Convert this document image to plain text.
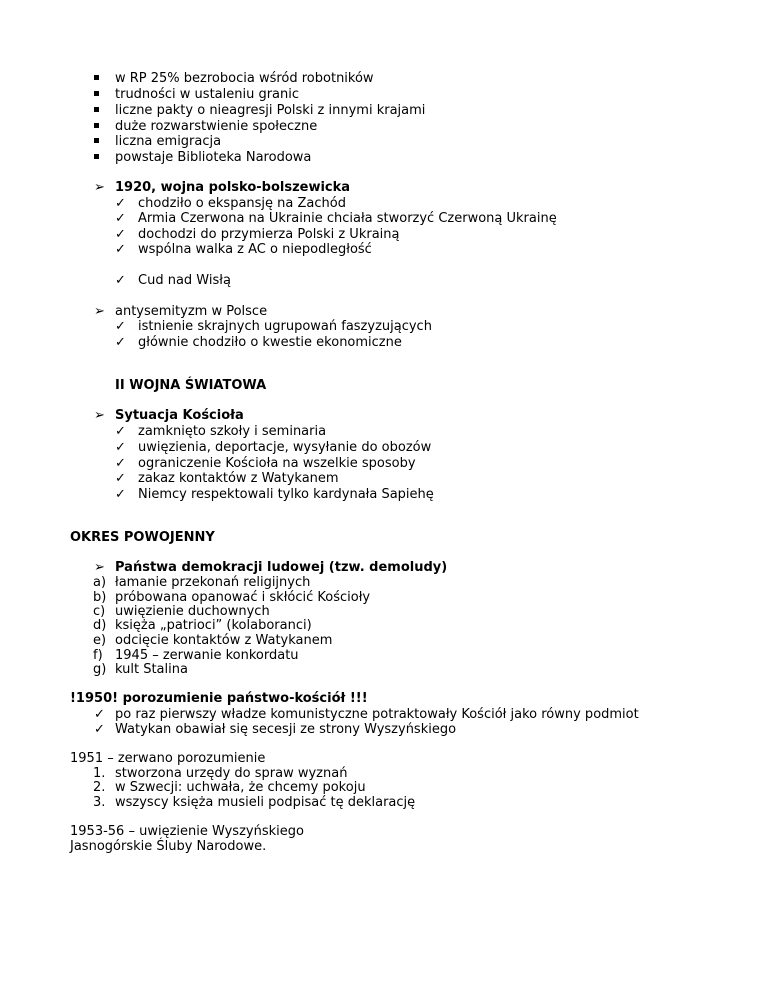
w RP 25% bezrobocia wśród robotników
trudności w ustaleniu granic
liczne pakty o nieagresji Polski z innymi krajami
duże rozwarstwienie społeczne
liczna emigracja
powstaje Biblioteka Narodowa
➢ 1920, wojna polsko-bolszewicka
✓ chodziło o ekspansję na Zachód
✓ Armia Czerwona na Ukrainie chciała stworzyć Czerwoną Ukrainę
✓ dochodzi do przymierza Polski z Ukrainą
✓ wspólna walka z AC o niepodległość
✓ Cud nad Wisłą
➢ antysemityzm w Polsce
✓ istnienie skrajnych ugrupowań faszyzujących
✓ głównie chodziło o kwestie ekonomiczne
II WOJNA ŚWIATOWA
➢ Sytuacja Kościoła
✓ zamknięto szkoły i seminaria
✓ uwięzienia, deportacje, wysyłanie do obozów
✓ ograniczenie Kościoła na wszelkie sposoby
✓ zakaz kontaktów z Watykanem
✓ Niemcy respektowali tylko kardynała Sapiehę
OKRES POWOJENNY
➢ Państwa demokracji ludowej (tzw. demoludy)
a) łamanie przekonań religijnych
b) próbowana opanować i skłócić Kościoły
c) uwięzienie duchownych
d) księża „patrioci” (kolaboranci)
e) odcięcie kontaktów z Watykanem
f) 1945 – zerwanie konkordatu
g) kult Stalina
!1950! porozumienie państwo-kościół !!!
✓ po raz pierwszy władze komunistyczne potraktowały Kościół jako równy podmiot
✓ Watykan obawiał się secesji ze strony Wyszyńskiego
1951 – zerwano porozumienie
1. stworzona urzędy do spraw wyznań
2. w Szwecji: uchwała, że chcemy pokoju
3. wszyscy księża musieli podpisać tę deklarację
1953-56 – uwięzienie Wyszyńskiego
Jasnogórskie Śluby Narodowe.
